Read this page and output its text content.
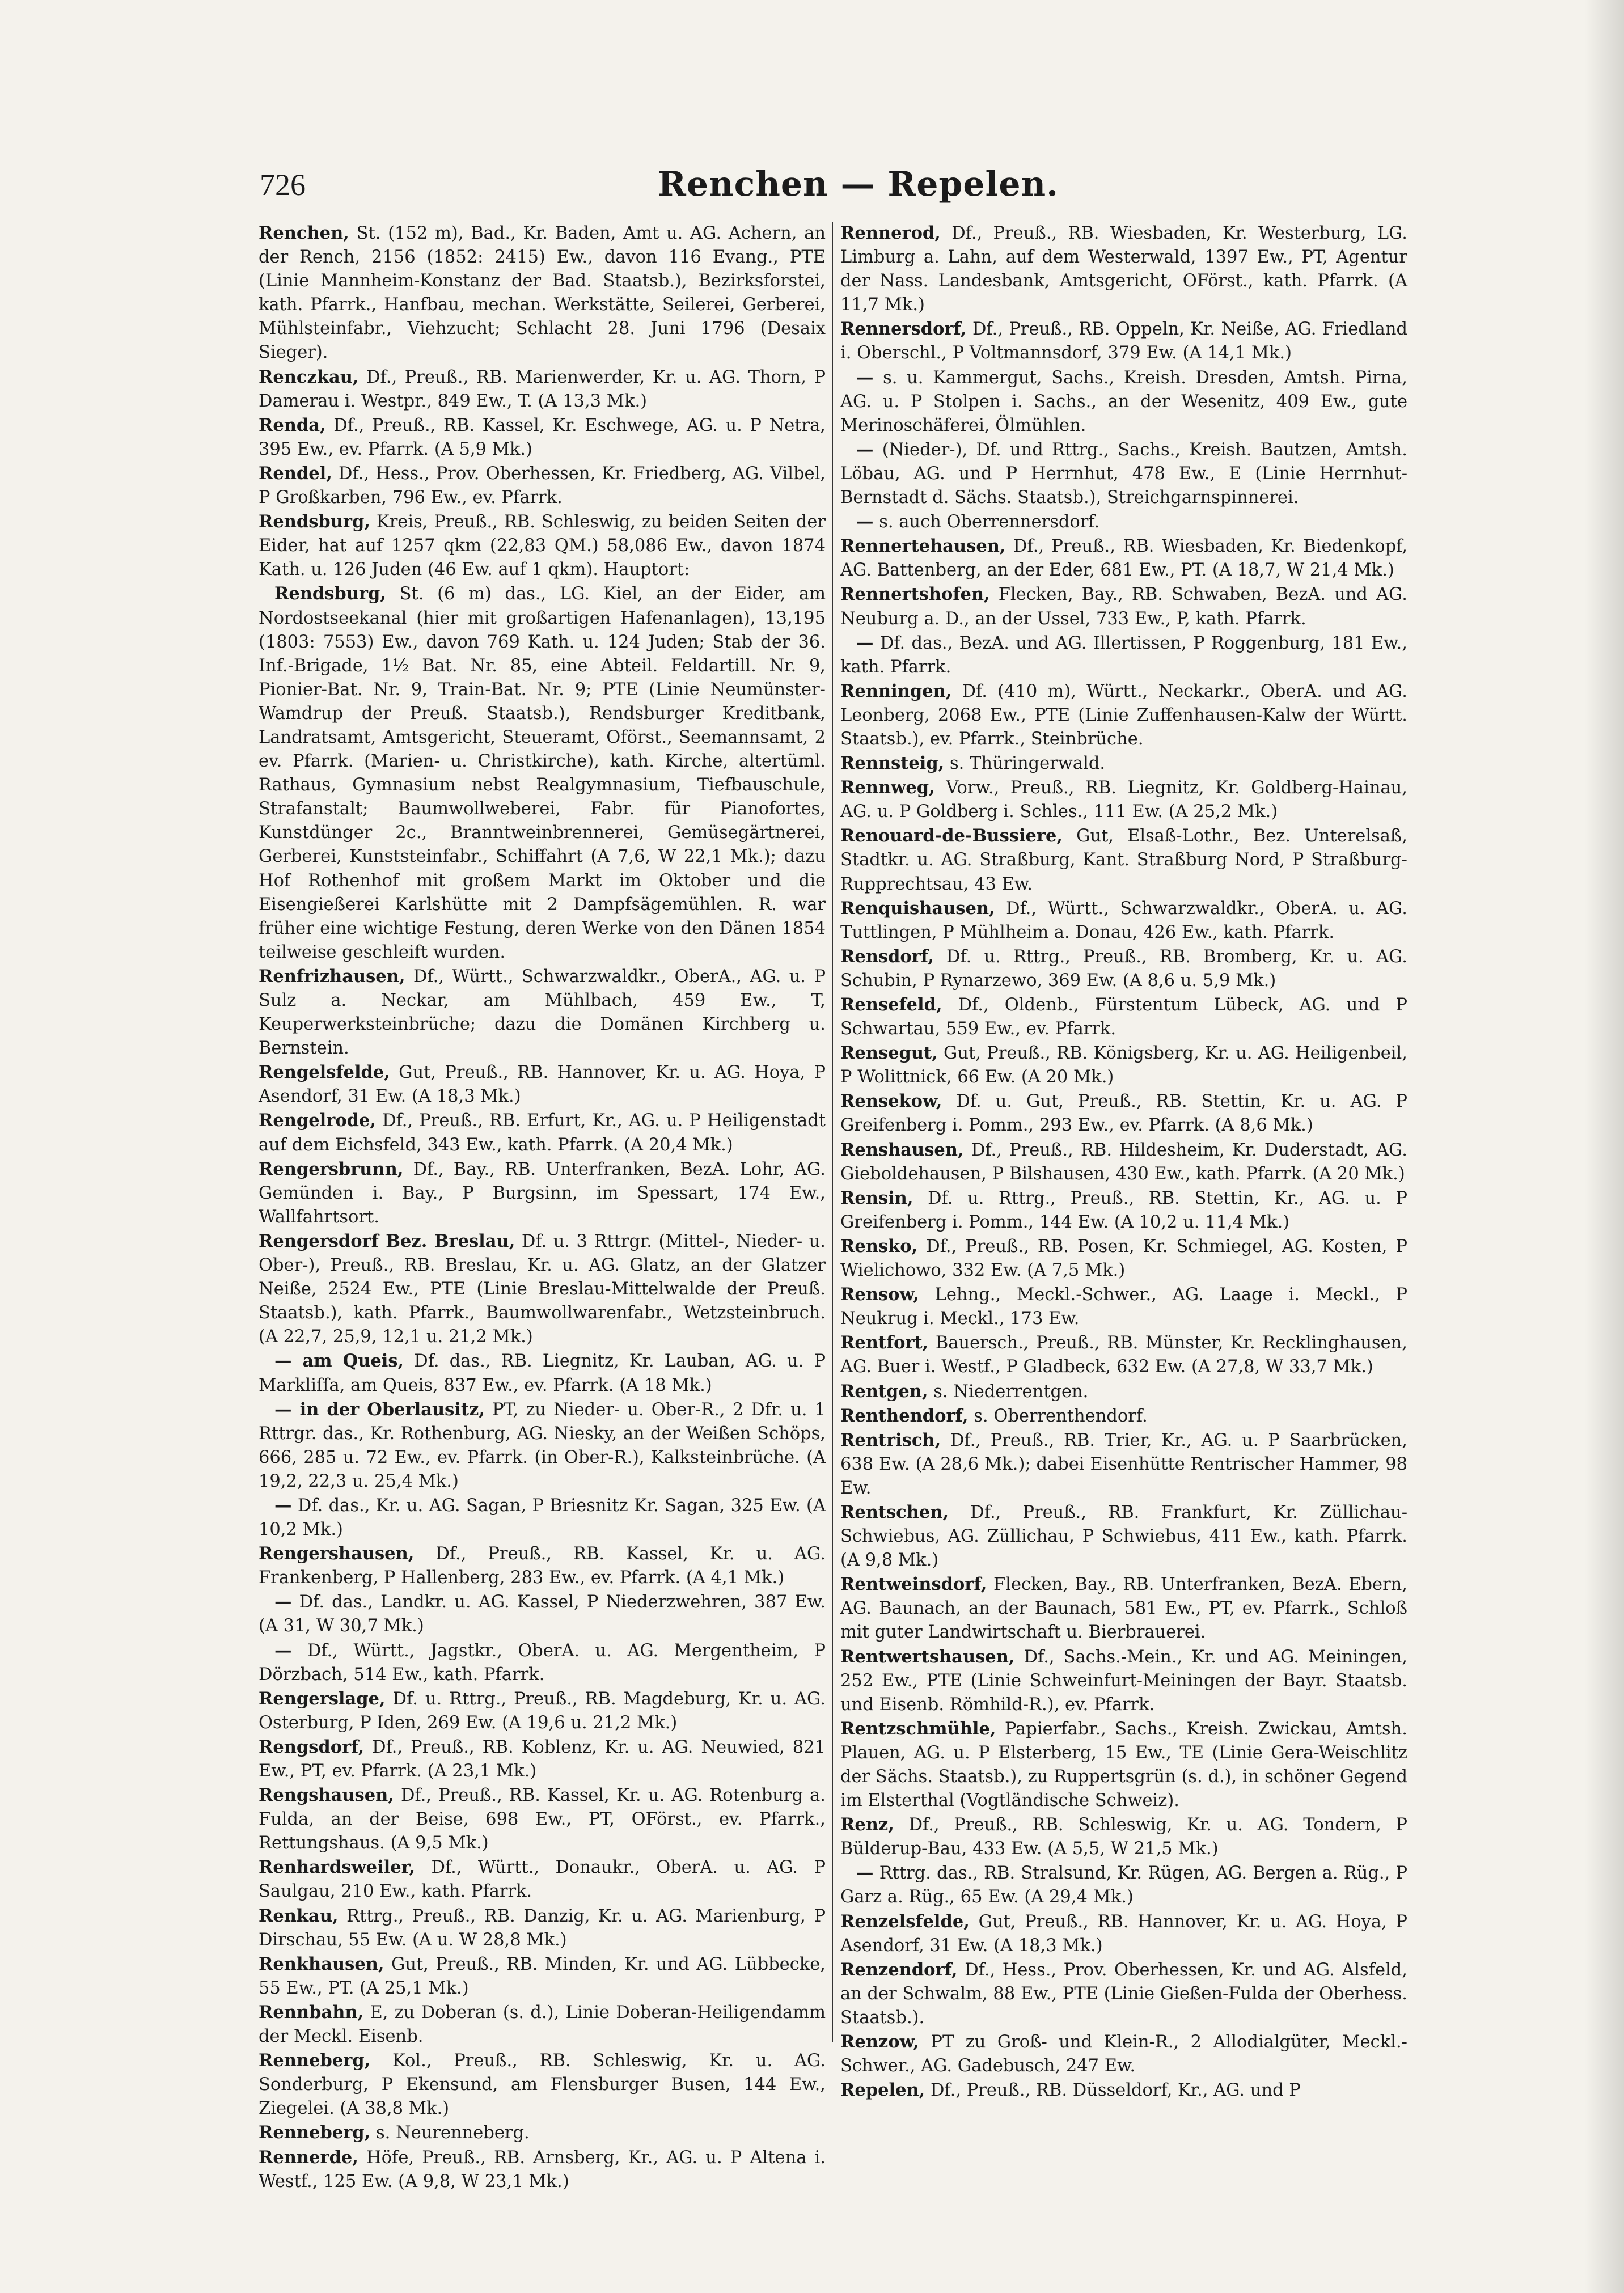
726	Renchen — Repelen.

Renchen, St. (152 m), Bad., Kr. Baden, Amt u. AG. Achern, an der Rench, 2156 (1852: 2415) Ew., davon 116 Evang., PTE (Linie Mannheim-Konstanz der Bad. Staatsb.), Bezirksforstei, kath. Pfarrk., Hanfbau, mechan. Werkstätte, Seilerei, Gerberei, Mühlsteinfabr., Viehzucht; Schlacht 28. Juni 1796 (Desaix Sieger).

Renczkau, Df., Preuß., RB. Marienwerder, Kr. u. AG. Thorn, P Damerau i. Westpr., 849 Ew., T. (A 13,3 Mk.)

Renda, Df., Preuß., RB. Kassel, Kr. Eschwege, AG. u. P Netra, 395 Ew., ev. Pfarrk. (A 5,9 Mk.)

Rendel, Df., Hess., Prov. Oberhessen, Kr. Friedberg, AG. Vilbel, P Großkarben, 796 Ew., ev. Pfarrk.

Rendsburg, Kreis, Preuß., RB. Schleswig, zu beiden Seiten der Eider, hat auf 1257 qkm (22,83 QM.) 58,086 Ew., davon 1874 Kath. u. 126 Juden (46 Ew. auf 1 qkm). Hauptort:

Rendsburg, St. (6 m) das., LG. Kiel, an der Eider, am Nordostseekanal (hier mit großartigen Hafenanlagen), 13,195 (1803: 7553) Ew., davon 769 Kath. u. 124 Juden; Stab der 36. Inf.-Brigade, 1½ Bat. Nr. 85, eine Abteil. Feldartill. Nr. 9, Pionier-Bat. Nr. 9, Train-Bat. Nr. 9; PTE (Linie Neumünster-Wamdrup der Preuß. Staatsb.), Rendsburger Kreditbank, Landratsamt, Amtsgericht, Steueramt, Oförst., Seemannsamt, 2 ev. Pfarrk. (Marien- u. Christkirche), kath. Kirche, altertüml. Rathaus, Gymnasium nebst Realgymnasium, Tiefbauschule, Strafanstalt; Baumwollweberei, Fabr. für Pianofortes, Kunstdünger 2c., Branntweinbrennerei, Gemüsegärtnerei, Gerberei, Kunststeinfabr., Schiffahrt (A 7,6, W 22,1 Mk.); dazu Hof Rothenhof mit großem Markt im Oktober und die Eisengießerei Karlshütte mit 2 Dampfsägemühlen. R. war früher eine wichtige Festung, deren Werke von den Dänen 1854 teilweise geschleift wurden.

Renfrizhausen, Df., Württ., Schwarzwaldkr., OberA., AG. u. P Sulz a. Neckar, am Mühlbach, 459 Ew., T, Keuperwerksteinbrüche; dazu die Domänen Kirchberg u. Bernstein.

Rengelsfelde, Gut, Preuß., RB. Hannover, Kr. u. AG. Hoya, P Asendorf, 31 Ew. (A 18,3 Mk.)

Rengelrode, Df., Preuß., RB. Erfurt, Kr., AG. u. P Heiligenstadt auf dem Eichsfeld, 343 Ew., kath. Pfarrk. (A 20,4 Mk.)

Rengersbrunn, Df., Bay., RB. Unterfranken, BezA. Lohr, AG. Gemünden i. Bay., P Burgsinn, im Spessart, 174 Ew., Wallfahrtsort.

Rengersdorf Bez. Breslau, Df. u. 3 Rttrgr. (Mittel-, Nieder- u. Ober-), Preuß., RB. Breslau, Kr. u. AG. Glatz, an der Glatzer Neiße, 2524 Ew., PTE (Linie Breslau-Mittelwalde der Preuß. Staatsb.), kath. Pfarrk., Baumwollwarenfabr., Wetzsteinbruch. (A 22,7, 25,9, 12,1 u. 21,2 Mk.)

— am Queis, Df. das., RB. Liegnitz, Kr. Lauban, AG. u. P Markliſſa, am Queis, 837 Ew., ev. Pfarrk. (A 18 Mk.)

— in der Oberlausitz, PT, zu Nieder- u. Ober-R., 2 Dfr. u. 1 Rttrgr. das., Kr. Rothenburg, AG. Niesky, an der Weißen Schöps, 666, 285 u. 72 Ew., ev. Pfarrk. (in Ober-R.), Kalksteinbrüche. (A 19,2, 22,3 u. 25,4 Mk.)

— Df. das., Kr. u. AG. Sagan, P Briesnitz Kr. Sagan, 325 Ew. (A 10,2 Mk.)

Rengershausen, Df., Preuß., RB. Kassel, Kr. u. AG. Frankenberg, P Hallenberg, 283 Ew., ev. Pfarrk. (A 4,1 Mk.)

— Df. das., Landkr. u. AG. Kassel, P Niederzwehren, 387 Ew. (A 31, W 30,7 Mk.)

— Df., Württ., Jagstkr., OberA. u. AG. Mergentheim, P Dörzbach, 514 Ew., kath. Pfarrk.

Rengerslage, Df. u. Rttrg., Preuß., RB. Magdeburg, Kr. u. AG. Osterburg, P Iden, 269 Ew. (A 19,6 u. 21,2 Mk.)

Rengsdorf, Df., Preuß., RB. Koblenz, Kr. u. AG. Neuwied, 821 Ew., PT, ev. Pfarrk. (A 23,1 Mk.)

Rengshausen, Df., Preuß., RB. Kassel, Kr. u. AG. Rotenburg a. Fulda, an der Beise, 698 Ew., PT, OFörst., ev. Pfarrk., Rettungshaus. (A 9,5 Mk.)

Renhardsweiler, Df., Württ., Donaukr., OberA. u. AG. P Saulgau, 210 Ew., kath. Pfarrk.

Renkau, Rttrg., Preuß., RB. Danzig, Kr. u. AG. Marienburg, P Dirschau, 55 Ew. (A u. W 28,8 Mk.)

Renkhausen, Gut, Preuß., RB. Minden, Kr. und AG. Lübbecke, 55 Ew., PT. (A 25,1 Mk.)

Rennbahn, E, zu Doberan (s. d.), Linie Doberan-Heiligendamm der Meckl. Eisenb.

Renneberg, Kol., Preuß., RB. Schleswig, Kr. u. AG. Sonderburg, P Ekensund, am Flensburger Busen, 144 Ew., Ziegelei. (A 38,8 Mk.)

Renneberg, s. Neurenneberg.

Rennerde, Höfe, Preuß., RB. Arnsberg, Kr., AG. u. P Altena i. Westf., 125 Ew. (A 9,8, W 23,1 Mk.)

Rennerod, Df., Preuß., RB. Wiesbaden, Kr. Westerburg, LG. Limburg a. Lahn, auf dem Westerwald, 1397 Ew., PT, Agentur der Nass. Landesbank, Amtsgericht, OFörst., kath. Pfarrk. (A 11,7 Mk.)

Rennersdorf, Df., Preuß., RB. Oppeln, Kr. Neiße, AG. Friedland i. Oberschl., P Voltmannsdorf, 379 Ew. (A 14,1 Mk.)

— s. u. Kammergut, Sachs., Kreish. Dresden, Amtsh. Pirna, AG. u. P Stolpen i. Sachs., an der Wesenitz, 409 Ew., gute Merinoschäferei, Ölmühlen.

— (Nieder-), Df. und Rttrg., Sachs., Kreish. Bautzen, Amtsh. Löbau, AG. und P Herrnhut, 478 Ew., E (Linie Herrnhut-Bernstadt d. Sächs. Staatsb.), Streichgarnspinnerei.

— s. auch Oberrennersdorf.

Rennertehausen, Df., Preuß., RB. Wiesbaden, Kr. Biedenkopf, AG. Battenberg, an der Eder, 681 Ew., PT. (A 18,7, W 21,4 Mk.)

Rennertshofen, Flecken, Bay., RB. Schwaben, BezA. und AG. Neuburg a. D., an der Ussel, 733 Ew., P, kath. Pfarrk.

— Df. das., BezA. und AG. Illertissen, P Roggenburg, 181 Ew., kath. Pfarrk.

Renningen, Df. (410 m), Württ., Neckarkr., OberA. und AG. Leonberg, 2068 Ew., PTE (Linie Zuffenhausen-Kalw der Württ. Staatsb.), ev. Pfarrk., Steinbrüche.

Rennsteig, s. Thüringerwald.

Rennweg, Vorw., Preuß., RB. Liegnitz, Kr. Goldberg-Hainau, AG. u. P Goldberg i. Schles., 111 Ew. (A 25,2 Mk.)

Renouard-de-Bussiere, Gut, Elsaß-Lothr., Bez. Unterelsaß, Stadtkr. u. AG. Straßburg, Kant. Straßburg Nord, P Straßburg-Rupprechtsau, 43 Ew.

Renquishausen, Df., Württ., Schwarzwaldkr., OberA. u. AG. Tuttlingen, P Mühlheim a. Donau, 426 Ew., kath. Pfarrk.

Rensdorf, Df. u. Rttrg., Preuß., RB. Bromberg, Kr. u. AG. Schubin, P Rynarzewo, 369 Ew. (A 8,6 u. 5,9 Mk.)

Rensefeld, Df., Oldenb., Fürstentum Lübeck, AG. und P Schwartau, 559 Ew., ev. Pfarrk.

Rensegut, Gut, Preuß., RB. Königsberg, Kr. u. AG. Heiligenbeil, P Wolittnick, 66 Ew. (A 20 Mk.)

Rensekow, Df. u. Gut, Preuß., RB. Stettin, Kr. u. AG. P Greifenberg i. Pomm., 293 Ew., ev. Pfarrk. (A 8,6 Mk.)

Renshausen, Df., Preuß., RB. Hildesheim, Kr. Duderstadt, AG. Gieboldehausen, P Bilshausen, 430 Ew., kath. Pfarrk. (A 20 Mk.)

Rensin, Df. u. Rttrg., Preuß., RB. Stettin, Kr., AG. u. P Greifenberg i. Pomm., 144 Ew. (A 10,2 u. 11,4 Mk.)

Rensko, Df., Preuß., RB. Posen, Kr. Schmiegel, AG. Kosten, P Wielichowo, 332 Ew. (A 7,5 Mk.)

Rensow, Lehng., Meckl.-Schwer., AG. Laage i. Meckl., P Neukrug i. Meckl., 173 Ew.

Rentfort, Bauersch., Preuß., RB. Münster, Kr. Recklinghausen, AG. Buer i. Westf., P Gladbeck, 632 Ew. (A 27,8, W 33,7 Mk.)

Rentgen, s. Niederrentgen.

Renthendorf, s. Oberrenthendorf.

Rentrisch, Df., Preuß., RB. Trier, Kr., AG. u. P Saarbrücken, 638 Ew. (A 28,6 Mk.); dabei Eisenhütte Rentrischer Hammer, 98 Ew.

Rentschen, Df., Preuß., RB. Frankfurt, Kr. Züllichau-Schwiebus, AG. Züllichau, P Schwiebus, 411 Ew., kath. Pfarrk. (A 9,8 Mk.)

Rentweinsdorf, Flecken, Bay., RB. Unterfranken, BezA. Ebern, AG. Baunach, an der Baunach, 581 Ew., PT, ev. Pfarrk., Schloß mit guter Landwirtschaft u. Bierbrauerei.

Rentwertshausen, Df., Sachs.-Mein., Kr. und AG. Meiningen, 252 Ew., PTE (Linie Schweinfurt-Meiningen der Bayr. Staatsb. und Eisenb. Römhild-R.), ev. Pfarrk.

Rentzschmühle, Papierfabr., Sachs., Kreish. Zwickau, Amtsh. Plauen, AG. u. P Elsterberg, 15 Ew., TE (Linie Gera-Weischlitz der Sächs. Staatsb.), zu Ruppertsgrün (s. d.), in schöner Gegend im Elsterthal (Vogtländische Schweiz).

Renz, Df., Preuß., RB. Schleswig, Kr. u. AG. Tondern, P Bülderup-Bau, 433 Ew. (A 5,5, W 21,5 Mk.)

— Rttrg. das., RB. Stralsund, Kr. Rügen, AG. Bergen a. Rüg., P Garz a. Rüg., 65 Ew. (A 29,4 Mk.)

Renzelsfelde, Gut, Preuß., RB. Hannover, Kr. u. AG. Hoya, P Asendorf, 31 Ew. (A 18,3 Mk.)

Renzendorf, Df., Hess., Prov. Oberhessen, Kr. und AG. Alsfeld, an der Schwalm, 88 Ew., PTE (Linie Gießen-Fulda der Oberhess. Staatsb.).

Renzow, PT zu Groß- und Klein-R., 2 Allodialgüter, Meckl.-Schwer., AG. Gadebusch, 247 Ew.

Repelen, Df., Preuß., RB. Düsseldorf, Kr., AG. und P
